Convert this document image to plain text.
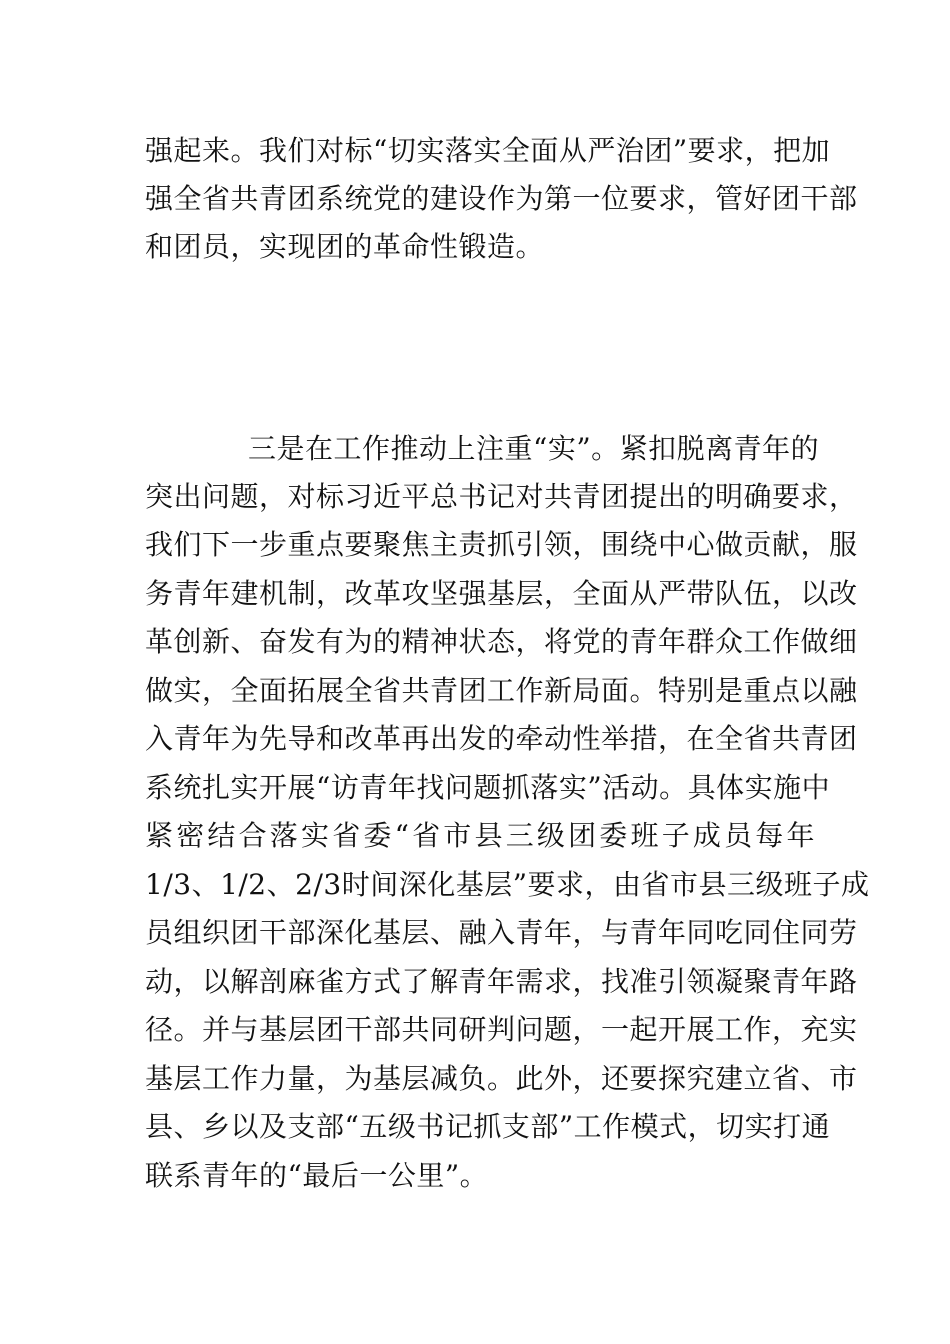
强起来。我们对标“切实落实全面从严治团”要求，把加
强全省共青团系统党的建设作为第一位要求，管好团干部
和团员，实现团的革命性锻造。
三是在工作推动上注重“实”。紧扣脱离青年的
突出问题，对标习近平总书记对共青团提出的明确要求，
我们下一步重点要聚焦主责抓引领，围绕中心做贡献，服
务青年建机制，改革攻坚强基层，全面从严带队伍，以改
革创新、奋发有为的精神状态，将党的青年群众工作做细
做实，全面拓展全省共青团工作新局面。特别是重点以融
入青年为先导和改革再出发的牵动性举措，在全省共青团
系统扎实开展“访青年找问题抓落实”活动。具体实施中
紧密结合落实省委“省市县三级团委班子成员每年
1/3、1/2、2/3时间深化基层”要求，由省市县三级班子成
员组织团干部深化基层、融入青年，与青年同吃同住同劳
动，以解剖麻雀方式了解青年需求，找准引领凝聚青年路
径。并与基层团干部共同研判问题，一起开展工作，充实
基层工作力量，为基层减负。此外，还要探究建立省、市
县、乡以及支部“五级书记抓支部”工作模式，切实打通
联系青年的“最后一公里”。
